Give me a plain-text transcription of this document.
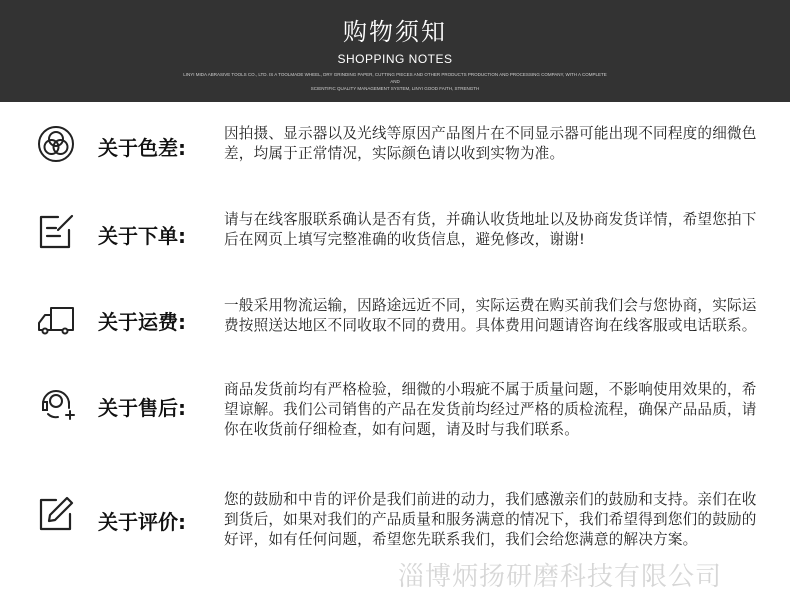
购物须知
SHOPPING NOTES
LINYI MIDA ABRASIVE TOOLS CO., LTD. IS A TOOLMADE WHEEL, DRY GRINDING PAPER, CUTTING PIECES AND OTHER PRODUCTS PRODUCTION AND PROCESSING COMPANY, WITH A COMPLETE AND
SCIENTIFIC QUALITY MANAGEMENT SYSTEM, LINYI GOOD FAITH, STRENGTH
关于色差:
因拍摄、显示器以及光线等原因产品图片在不同显示器可能出现不同程度的细微色差，均属于正常情况，实际颜色请以收到实物为准。
关于下单:
请与在线客服联系确认是否有货，并确认收货地址以及协商发货详情，希望您拍下后在网页上填写完整准确的收货信息，避免修改，谢谢!
关于运费:
一般采用物流运输，因路途远近不同，实际运费在购买前我们会与您协商，实际运费按照送达地区不同收取不同的费用。具体费用问题请咨询在线客服或电话联系。
关于售后:
商品发货前均有严格检验，细微的小瑕疵不属于质量问题，不影响使用效果的，希望谅解。我们公司销售的产品在发货前均经过严格的质检流程，确保产品品质，请你在收货前仔细检查，如有问题，请及时与我们联系。
关于评价:
您的鼓励和中肯的评价是我们前进的动力，我们感激亲们的鼓励和支持。亲们在收到货后，如果对我们的产品质量和服务满意的情况下，我们希望得到您们的鼓励的好评，如有任何问题，希望您先联系我们，我们会给您满意的解决方案。
淄博炳扬研磨科技有限公司
